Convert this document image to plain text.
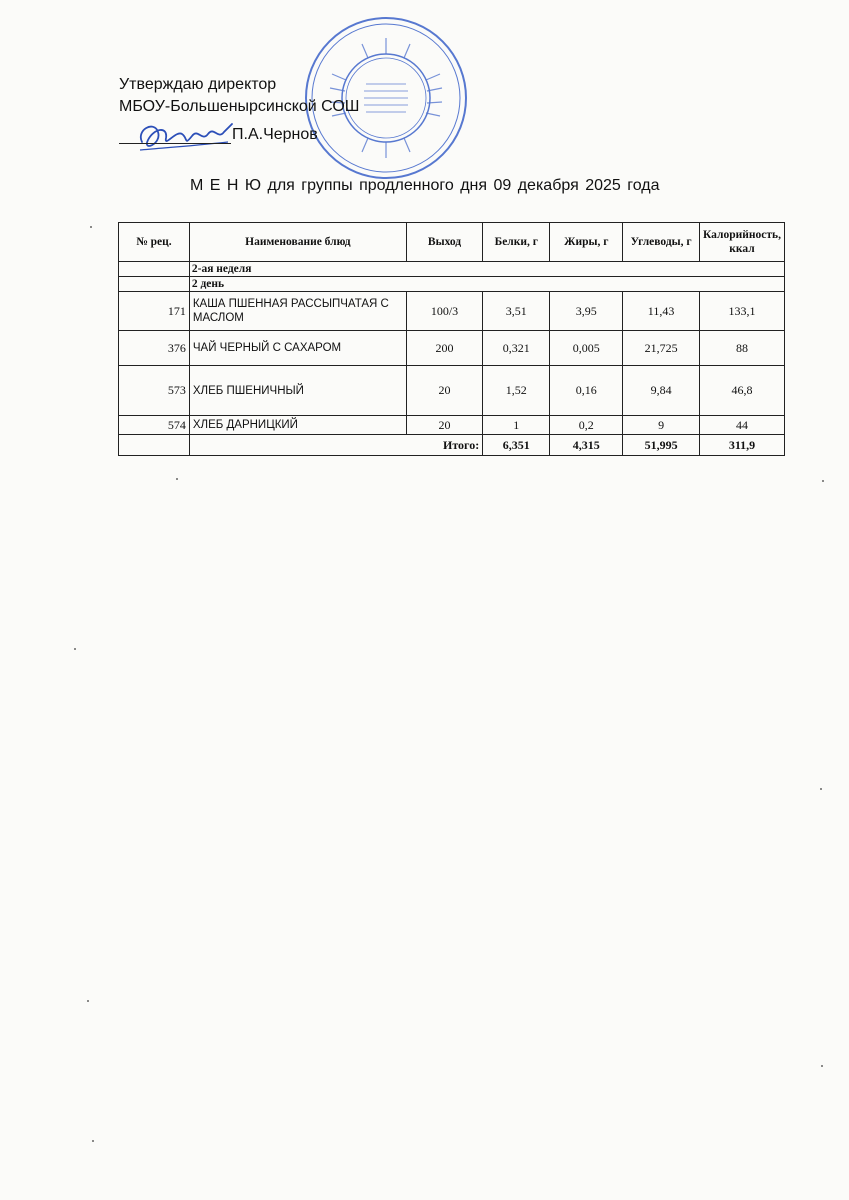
Утверждаю директор
МБОУ-Большенырсинской СОШ
П.А.Чернов
М Е Н Ю для группы продленного дня 09 декабря 2025 года
№ рец.	Наименование блюд	Выход	Белки, г	Жиры, г	Углеводы, г	Калорийность, ккал
	2-ая неделя					
	2 день					
171	КАША ПШЕННАЯ РАССЫПЧАТАЯ С МАСЛОМ	100/3	3,51	3,95	11,43	133,1
376	ЧАЙ ЧЕРНЫЙ С САХАРОМ	200	0,321	0,005	21,725	88
573	ХЛЕБ ПШЕНИЧНЫЙ	20	1,52	0,16	9,84	46,8
574	ХЛЕБ ДАРНИЦКИЙ	20	1	0,2	9	44
	Итого:		6,351	4,315	51,995	311,9
